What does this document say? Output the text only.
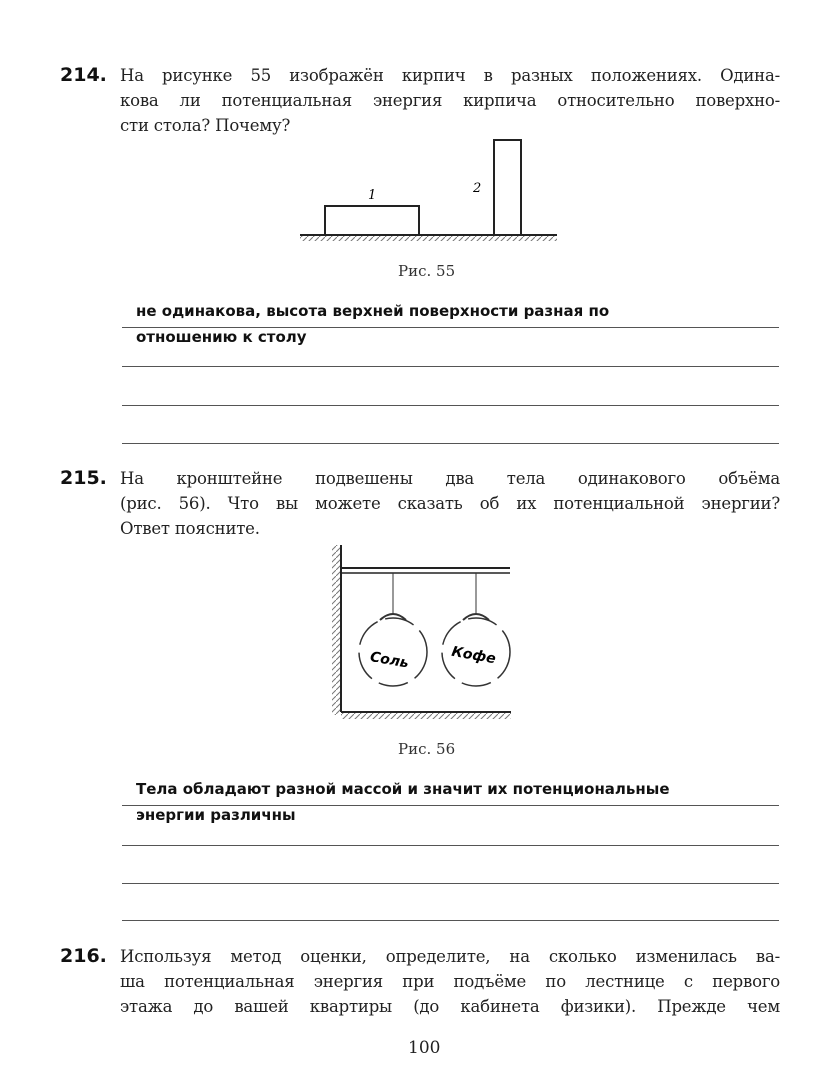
214. На рисунке 55 изображён кирпич в разных положениях. Одина-
кова ли потенциальная энергия кирпича относительно поверхно-
сти стола? Почему?
1	2
Рис. 55
не одинакова, высота верхней поверхности разная по
отношению к столу
215. На кронштейне подвешены два тела одинакового объёма
(рис. 56). Что вы можете сказать об их потенциальной энергии?
Ответ поясните.
Соль	Кофе
Рис. 56
Тела обладают разной массой и значит их потенциональные
энергии различны
216. Используя метод оценки, определите, на сколько изменилась ва-
ша потенциальная энергия при подъёме по лестнице с первого
этажа до вашей квартиры (до кабинета физики). Прежде чем
100
